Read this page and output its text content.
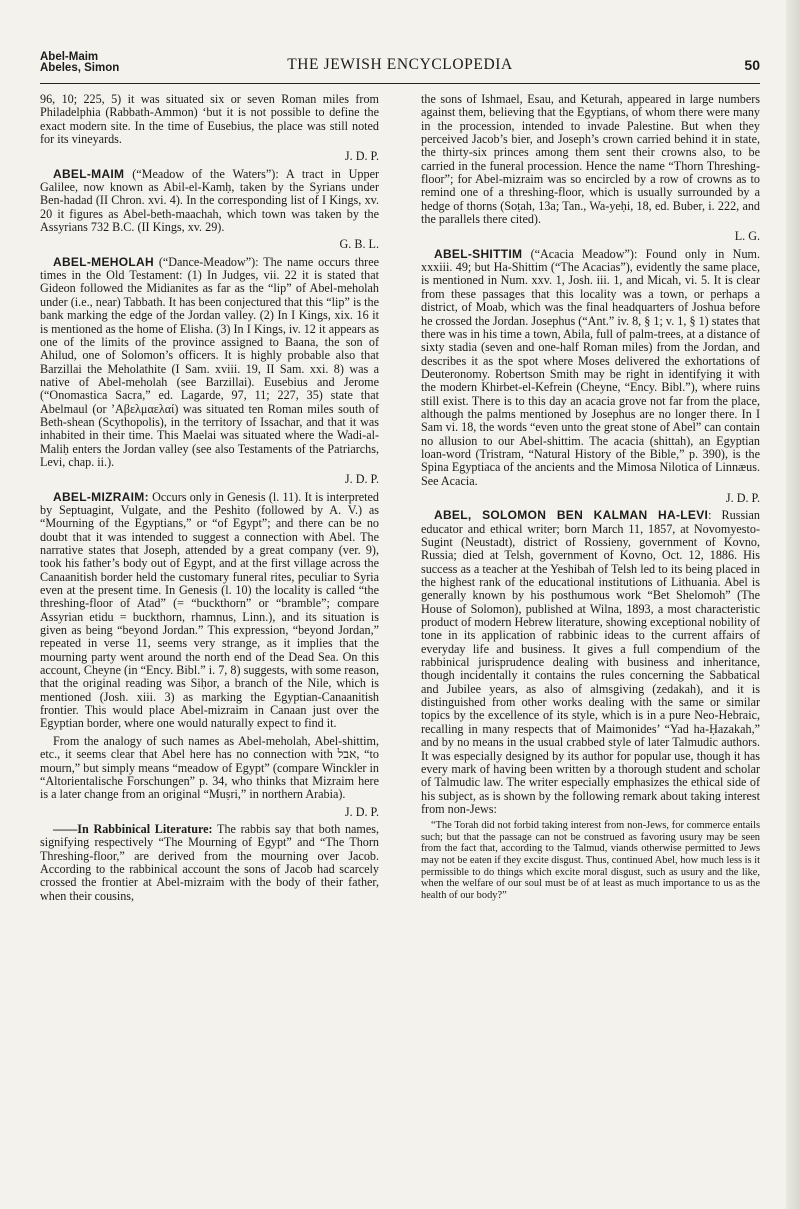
Abel-Maim
Abeles, Simon	THE JEWISH ENCYCLOPEDIA	50

96, 10; 225, 5) it was situated six or seven Roman miles from Philadelphia (Rabbath-Ammon) ‘but it is not possible to define the exact modern site. In the time of Eusebius, the place was still noted for its vineyards.

J. D. P.

ABEL-MAIM (“Meadow of the Waters”): A tract in Upper Galilee, now known as Abil-el-Kamḥ, taken by the Syrians under Ben-hadad (II Chron. xvi. 4). In the corresponding list of I Kings, xv. 20 it figures as Abel-beth-maachah, which town was taken by the Assyrians 732 B.C. (II Kings, xv. 29).

G. B. L.

ABEL-MEHOLAH (“Dance-Meadow”): The name occurs three times in the Old Testament: (1) In Judges, vii. 22 it is stated that Gideon followed the Midianites as far as the “lip” of Abel-meholah under (i.e., near) Tabbath. It has been conjectured that this “lip” is the bank marking the edge of the Jordan valley. (2) In I Kings, xix. 16 it is mentioned as the home of Elisha. (3) In I Kings, iv. 12 it appears as one of the limits of the province assigned to Baana, the son of Ahilud, one of Solomon’s officers. It is highly probable also that Barzillai the Meholathite (I Sam. xviii. 19, II Sam. xxi. 8) was a native of Abel-meholah (see Barzillai). Eusebius and Jerome (“Onomastica Sacra,” ed. Lagarde, 97, 11; 227, 35) state that Abelmaul (or ’Αβελμαελαί) was situated ten Roman miles south of Beth-shean (Scythopolis), in the territory of Issachar, and that it was inhabited in their time. This Maelai was situated where the Wadi-al-Maliḥ enters the Jordan valley (see also Testaments of the Patriarchs, Levi, chap. ii.).

J. D. P.

ABEL-MIZRAIM: Occurs only in Genesis (l. 11). It is interpreted by Septuagint, Vulgate, and the Peshito (followed by A. V.) as “Mourning of the Egyptians,” or “of Egypt”; and there can be no doubt that it was intended to suggest a connection with Abel. The narrative states that Joseph, attended by a great company (ver. 9), took his father’s body out of Egypt, and at the first village across the Canaanitish border held the customary funeral rites, peculiar to Syria even at the present time. In Genesis (l. 10) the locality is called “the threshing-floor of Atad” (= “buckthorn” or “bramble”; compare Assyrian etidu = buckthorn, rhamnus, Linn.), and its situation is given as being “beyond Jordan.” This expression, “beyond Jordan,” repeated in verse 11, seems very strange, as it implies that the mourning party went around the north end of the Dead Sea. On this account, Cheyne (in “Ency. Bibl.” i. 7, 8) suggests, with some reason, that the original reading was Siḥor, a branch of the Nile, which is mentioned (Josh. xiii. 3) as marking the Egyptian-Canaanitish frontier. This would place Abel-mizraim in Canaan just over the Egyptian border, where one would naturally expect to find it.

From the analogy of such names as Abel-meholah, Abel-shittim, etc., it seems clear that Abel here has no connection with אבל, “to mourn,” but simply means “meadow of Egypt” (compare Winckler in “Altorientalische Forschungen” p. 34, who thinks that Mizraim here is a later change from an original “Muṣri,” in northern Arabia).

J. D. P.

——In Rabbinical Literature: The rabbis say that both names, signifying respectively “The Mourning of Egypt” and “The Thorn Threshing-floor,” are derived from the mourning over Jacob. According to the rabbinical account the sons of Jacob had scarcely crossed the frontier at Abel-mizraim with the body of their father, when their cousins,

the sons of Ishmael, Esau, and Keturah, appeared in large numbers against them, believing that the Egyptians, of whom there were many in the procession, intended to invade Palestine. But when they perceived Jacob’s bier, and Joseph’s crown carried behind it in state, the thirty-six princes among them sent their crowns also, to be carried in the funeral procession. Hence the name “Thorn Threshing-floor”; for Abel-mizraim was so encircled by a row of crowns as to remind one of a threshing-floor, which is usually surrounded by a hedge of thorns (Soṭah, 13a; Tan., Wa-yeḥi, 18, ed. Buber, i. 222, and the parallels there cited).

L. G.

ABEL-SHITTIM (“Acacia Meadow”): Found only in Num. xxxiii. 49; but Ha-Shittim (“The Acacias”), evidently the same place, is mentioned in Num. xxv. 1, Josh. iii. 1, and Micah, vi. 5. It is clear from these passages that this locality was a town, or perhaps a district, of Moab, which was the final headquarters of Joshua before he crossed the Jordan. Josephus (“Ant.” iv. 8, § 1; v. 1, § 1) states that there was in his time a town, Abila, full of palm-trees, at a distance of sixty stadia (seven and one-half Roman miles) from the Jordan, and describes it as the spot where Moses delivered the exhortations of Deuteronomy. Robertson Smith may be right in identifying it with the modern Khirbet-el-Kefrein (Cheyne, “Ency. Bibl.”), where ruins still exist. There is to this day an acacia grove not far from the place, although the palms mentioned by Josephus are no longer there. In I Sam vi. 18, the words “even unto the great stone of Abel” can contain no allusion to our Abel-shittim. The acacia (shittah), an Egyptian loan-word (Tristram, “Natural History of the Bible,” p. 390), is the Spina Egyptiaca of the ancients and the Mimosa Nilotica of Linnæus. See Acacia.

J. D. P.

ABEL, SOLOMON BEN KALMAN HA-LEVI: Russian educator and ethical writer; born March 11, 1857, at Novomyesto-Sugint (Neustadt), district of Rossieny, government of Kovno, Russia; died at Telsh, government of Kovno, Oct. 12, 1886. His success as a teacher at the Yeshibah of Telsh led to its being placed in the highest rank of the educational institutions of Lithuania. Abel is generally known by his posthumous work “Bet Shelomoh” (The House of Solomon), published at Wilna, 1893, a most characteristic product of modern Hebrew literature, showing exceptional nobility of tone in its application of rabbinic ideas to the current affairs of everyday life and business. It gives a full compendium of the rabbinical jurisprudence dealing with business and inheritance, though incidentally it contains the rules concerning the Sabbatical and Jubilee years, as also of almsgiving (zedakah), and it is distinguished from other works dealing with the same or similar topics by the excellence of its style, which is in a pure Neo-Hebraic, recalling in many respects that of Maimonides’ “Yad ha-Ḥazakah,” and by no means in the usual crabbed style of later Talmudic authors. It was especially designed by its author for popular use, though it has every mark of having been written by a thorough student and scholar of Talmudic law. The writer especially emphasizes the ethical side of his subject, as is shown by the following remark about taking interest from non-Jews:

“The Torah did not forbid taking interest from non-Jews, for commerce entails such; but that the passage can not be construed as favoring usury may be seen from the fact that, according to the Talmud, viands otherwise permitted to Jews may not be eaten if they excite disgust. Thus, continued Abel, how much less is it permissible to do things which excite moral disgust, such as usury and the like, when the welfare of our soul must be of at least as much importance to us as the health of our body?”
